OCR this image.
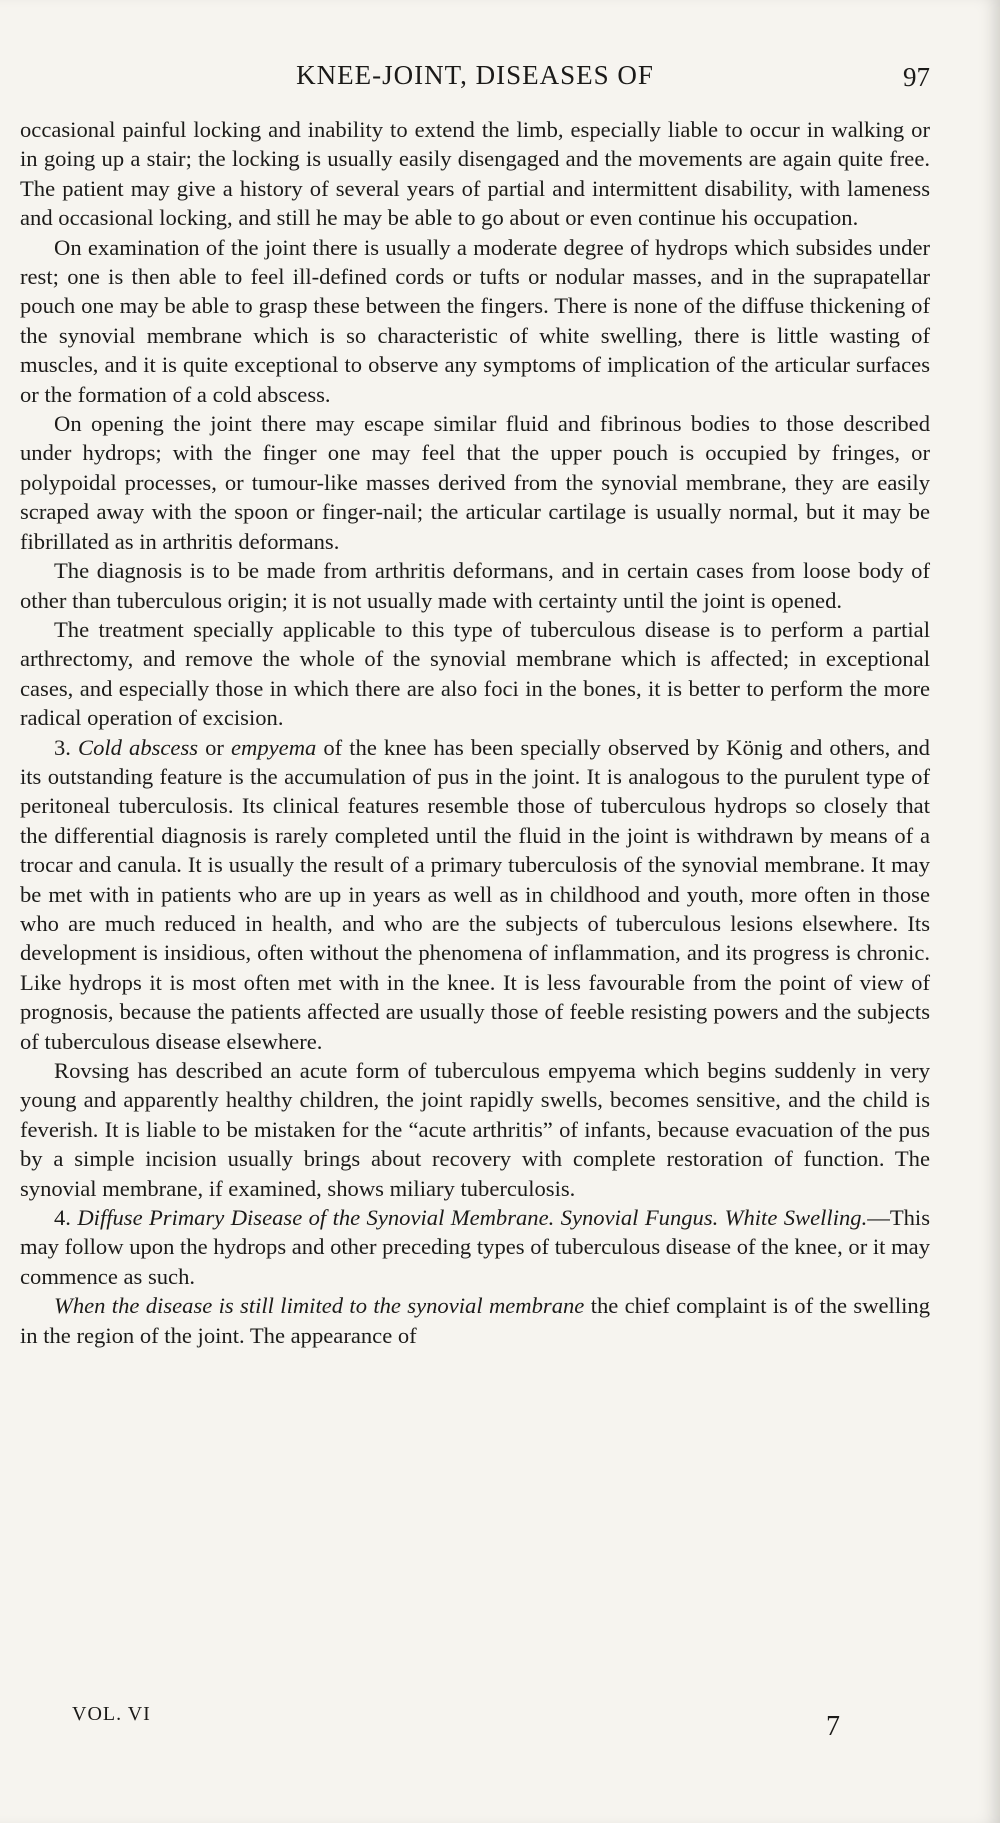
KNEE-JOINT, DISEASES OF	97

occasional painful locking and inability to extend the limb, especially liable to occur in walking or in going up a stair; the locking is usually easily disengaged and the movements are again quite free. The patient may give a history of several years of partial and intermittent disability, with lameness and occasional locking, and still he may be able to go about or even continue his occupation.

On examination of the joint there is usually a moderate degree of hydrops which subsides under rest; one is then able to feel ill-defined cords or tufts or nodular masses, and in the suprapatellar pouch one may be able to grasp these between the fingers. There is none of the diffuse thickening of the synovial membrane which is so characteristic of white swelling, there is little wasting of muscles, and it is quite exceptional to observe any symptoms of implication of the articular surfaces or the formation of a cold abscess.

On opening the joint there may escape similar fluid and fibrinous bodies to those described under hydrops; with the finger one may feel that the upper pouch is occupied by fringes, or polypoidal processes, or tumour-like masses derived from the synovial membrane, they are easily scraped away with the spoon or finger-nail; the articular cartilage is usually normal, but it may be fibrillated as in arthritis deformans.

The diagnosis is to be made from arthritis deformans, and in certain cases from loose body of other than tuberculous origin; it is not usually made with certainty until the joint is opened.

The treatment specially applicable to this type of tuberculous disease is to perform a partial arthrectomy, and remove the whole of the synovial membrane which is affected; in exceptional cases, and especially those in which there are also foci in the bones, it is better to perform the more radical operation of excision.

3. Cold abscess or empyema of the knee has been specially observed by König and others, and its outstanding feature is the accumulation of pus in the joint. It is analogous to the purulent type of peritoneal tuberculosis. Its clinical features resemble those of tuberculous hydrops so closely that the differential diagnosis is rarely completed until the fluid in the joint is withdrawn by means of a trocar and canula. It is usually the result of a primary tuberculosis of the synovial membrane. It may be met with in patients who are up in years as well as in childhood and youth, more often in those who are much reduced in health, and who are the subjects of tuberculous lesions elsewhere. Its development is insidious, often without the phenomena of inflammation, and its progress is chronic. Like hydrops it is most often met with in the knee. It is less favourable from the point of view of prognosis, because the patients affected are usually those of feeble resisting powers and the subjects of tuberculous disease elsewhere.

Rovsing has described an acute form of tuberculous empyema which begins suddenly in very young and apparently healthy children, the joint rapidly swells, becomes sensitive, and the child is feverish. It is liable to be mistaken for the “acute arthritis” of infants, because evacuation of the pus by a simple incision usually brings about recovery with complete restoration of function. The synovial membrane, if examined, shows miliary tuberculosis.

4. Diffuse Primary Disease of the Synovial Membrane. Synovial Fungus. White Swelling.—This may follow upon the hydrops and other preceding types of tuberculous disease of the knee, or it may commence as such.

When the disease is still limited to the synovial membrane the chief complaint is of the swelling in the region of the joint. The appearance of

VOL. VI	7
